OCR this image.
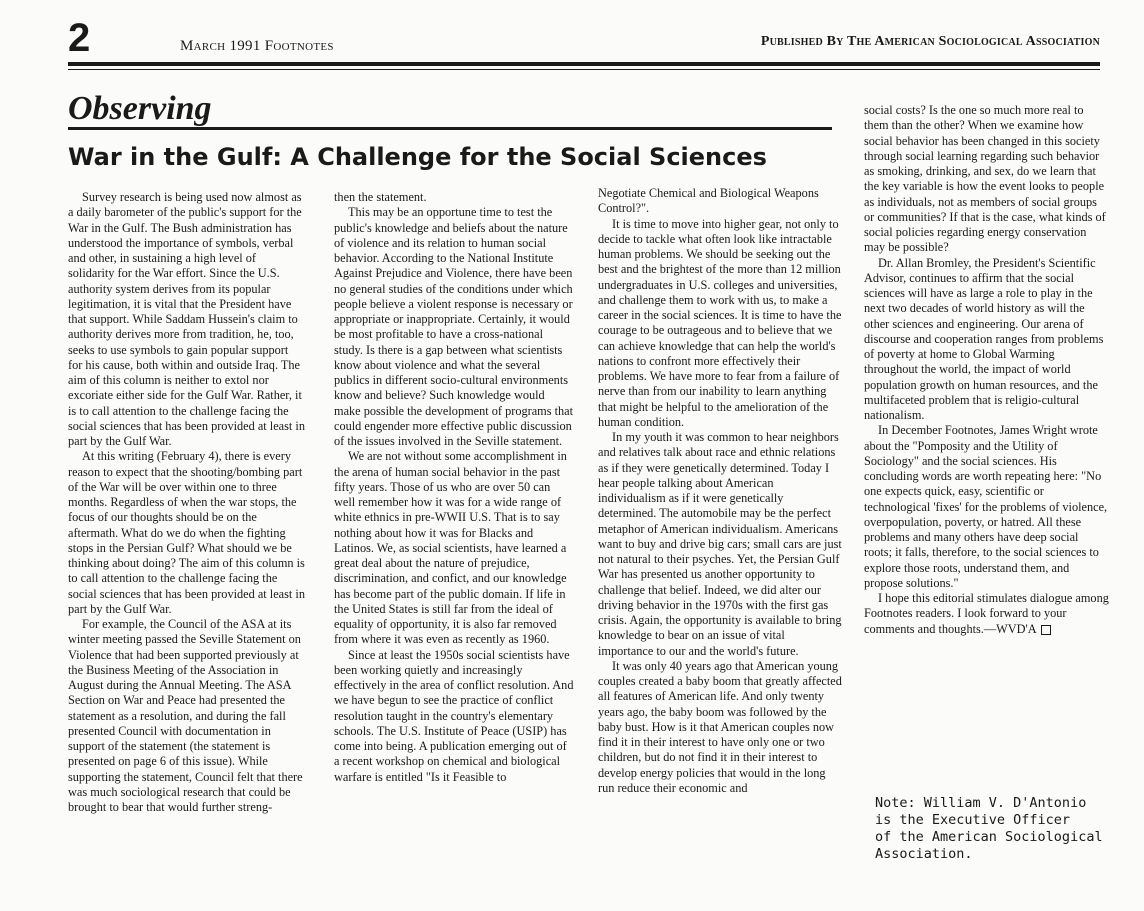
2	March 1991 Footnotes	Published By The American Sociological Association
Observing
War in the Gulf: A Challenge for the Social Sciences

Survey research is being used now almost as a daily barometer of the public's support for the War in the Gulf. The Bush administration has understood the importance of symbols, verbal and other, in sustaining a high level of solidarity for the War effort. Since the U.S. authority system derives from its popular legitimation, it is vital that the President have that support. While Saddam Hussein's claim to authority derives more from tradition, he, too, seeks to use symbols to gain popular support for his cause, both within and outside Iraq. The aim of this column is neither to extol nor excoriate either side for the Gulf War. Rather, it is to call attention to the challenge facing the social sciences that has been provided at least in part by the Gulf War.

At this writing (February 4), there is every reason to expect that the shooting/bombing part of the War will be over within one to three months. Regardless of when the war stops, the focus of our thoughts should be on the aftermath. What do we do when the fighting stops in the Persian Gulf? What should we be thinking about doing? The aim of this column is to call attention to the challenge facing the social sciences that has been provided at least in part by the Gulf War.

For example, the Council of the ASA at its winter meeting passed the Seville Statement on Violence that had been supported previously at the Business Meeting of the Association in August during the Annual Meeting. The ASA Section on War and Peace had presented the statement as a resolution, and during the fall presented Council with documentation in support of the statement (the statement is presented on page 6 of this issue). While supporting the statement, Council felt that there was much sociological research that could be brought to bear that would further streng-

then the statement.

This may be an opportune time to test the public's knowledge and beliefs about the nature of violence and its relation to human social behavior. According to the National Institute Against Prejudice and Violence, there have been no general studies of the conditions under which people believe a violent response is necessary or appropriate or inappropriate. Certainly, it would be most profitable to have a cross-national study. Is there is a gap between what scientists know about violence and what the several publics in different socio-cultural environments know and believe? Such knowledge would make possible the development of programs that could engender more effective public discussion of the issues involved in the Seville statement.

We are not without some accomplishment in the arena of human social behavior in the past fifty years. Those of us who are over 50 can well remember how it was for a wide range of white ethnics in pre-WWII U.S. That is to say nothing about how it was for Blacks and Latinos. We, as social scientists, have learned a great deal about the nature of prejudice, discrimination, and confict, and our knowledge has become part of the public domain. If life in the United States is still far from the ideal of equality of opportunity, it is also far removed from where it was even as recently as 1960.

Since at least the 1950s social scientists have been working quietly and increasingly effectively in the area of conflict resolution. And we have begun to see the practice of conflict resolution taught in the country's elementary schools. The U.S. Institute of Peace (USIP) has come into being. A publication emerging out of a recent workshop on chemical and biological warfare is entitled "Is it Feasible to

Negotiate Chemical and Biological Weapons Control?".

It is time to move into higher gear, not only to decide to tackle what often look like intractable human problems. We should be seeking out the best and the brightest of the more than 12 million undergraduates in U.S. colleges and universities, and challenge them to work with us, to make a career in the social sciences. It is time to have the courage to be outrageous and to believe that we can achieve knowledge that can help the world's nations to confront more effectively their problems. We have more to fear from a failure of nerve than from our inability to learn anything that might be helpful to the amelioration of the human condition.

In my youth it was common to hear neighbors and relatives talk about race and ethnic relations as if they were genetically determined. Today I hear people talking about American individualism as if it were genetically determined. The automobile may be the perfect metaphor of American individualism. Americans want to buy and drive big cars; small cars are just not natural to their psyches. Yet, the Persian Gulf War has presented us another opportunity to challenge that belief. Indeed, we did alter our driving behavior in the 1970s with the first gas crisis. Again, the opportunity is available to bring knowledge to bear on an issue of vital importance to our and the world's future.

It was only 40 years ago that American young couples created a baby boom that greatly affected all features of American life. And only twenty years ago, the baby boom was followed by the baby bust. How is it that American couples now find it in their interest to have only one or two children, but do not find it in their interest to develop energy policies that would in the long run reduce their economic and

social costs? Is the one so much more real to them than the other? When we examine how social behavior has been changed in this society through social learning regarding such behavior as smoking, drinking, and sex, do we learn that the key variable is how the event looks to people as individuals, not as members of social groups or communities? If that is the case, what kinds of social policies regarding energy conservation may be possible?

Dr. Allan Bromley, the President's Scientific Advisor, continues to affirm that the social sciences will have as large a role to play in the next two decades of world history as will the other sciences and engineering. Our arena of discourse and cooperation ranges from problems of poverty at home to Global Warming throughout the world, the impact of world population growth on human resources, and the multifaceted problem that is religio-cultural nationalism.

In December Footnotes, James Wright wrote about the "Pomposity and the Utility of Sociology" and the social sciences. His concluding words are worth repeating here: "No one expects quick, easy, scientific or technological 'fixes' for the problems of violence, overpopulation, poverty, or hatred. All these problems and many others have deep social roots; it falls, therefore, to the social sciences to explore those roots, understand them, and propose solutions."

I hope this editorial stimulates dialogue among Footnotes readers. I look forward to your comments and thoughts.—WVD'A

Note: William V. D'Antonio
is the Executive Officer
of the American Sociological
Association.
